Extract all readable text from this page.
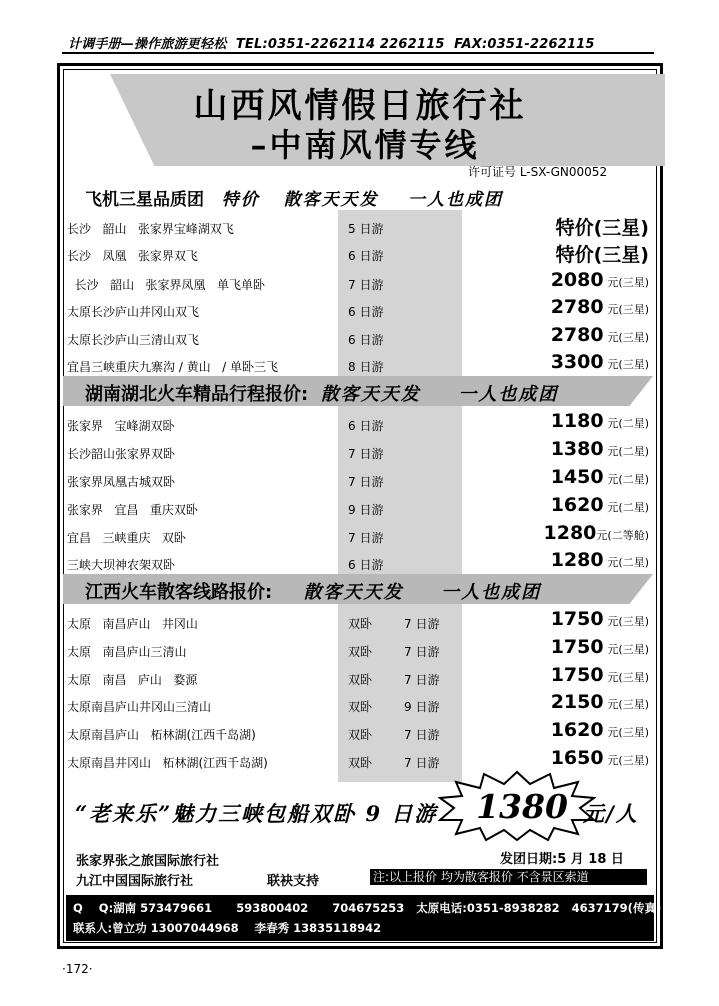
计调手册—操作旅游更轻松 TEL:0351-2262114 2262115 FAX:0351-2262115
山西风情假日旅行社
–中南风情专线
许可证号 L-SX-GN00052
飞机三星品质团 特价 散客天天发 一人也成团
长沙   韶山   张家界宝峰湖双飞	5 日游	特价(三星)
长沙   凤凰   张家界双飞	6 日游	特价(三星)
长沙   韶山   张家界凤凰   单飞单卧	7 日游	2080 元(三星)
太原长沙庐山井冈山双飞	6 日游	2780 元(三星)
太原长沙庐山三清山双飞	6 日游	2780 元(三星)
宜昌三峡重庆九寨沟 / 黄山   / 单卧三飞	8 日游	3300 元(三星)
湖南湖北火车精品行程报价: 散客天天发 一人也成团
张家界   宝峰湖双卧	6 日游	1180 元(二星)
长沙韶山张家界双卧	7 日游	1380 元(二星)
张家界凤凰古城双卧	7 日游	1450 元(二星)
张家界   宜昌   重庆双卧	9 日游	1620 元(二星)
宜昌   三峡重庆   双卧	7 日游	1280元(二等舱)
三峡大坝神农架双卧	6 日游	1280 元(二星)
江西火车散客线路报价: 散客天天发 一人也成团
太原   南昌庐山   井冈山	双卧	7 日游	1750 元(三星)
太原   南昌庐山三清山	双卧	7 日游	1750 元(三星)
太原   南昌   庐山   婺源	双卧	7 日游	1750 元(三星)
太原南昌庐山井冈山三清山	双卧	9 日游	2150 元(三星)
太原南昌庐山   柘林湖(江西千岛湖)	双卧	7 日游	1620 元(三星)
太原南昌井冈山   柘林湖(江西千岛湖)	双卧	7 日游	1650 元(三星)
“老来乐”魅力三峡包船双卧 9 日游 1380 元/人
张家界张之旅国际旅行社
九江中国国际旅行社	联袂支持
发团日期:5 月 18 日
注:以上报价 均为散客报价 不含景区索道
Q    Q:湖南 573479661      593800402      704675253   太原电话:0351-8938282   4637179(传真)
联系人:曾立功 13007044968    李春秀 13835118942
·172·
